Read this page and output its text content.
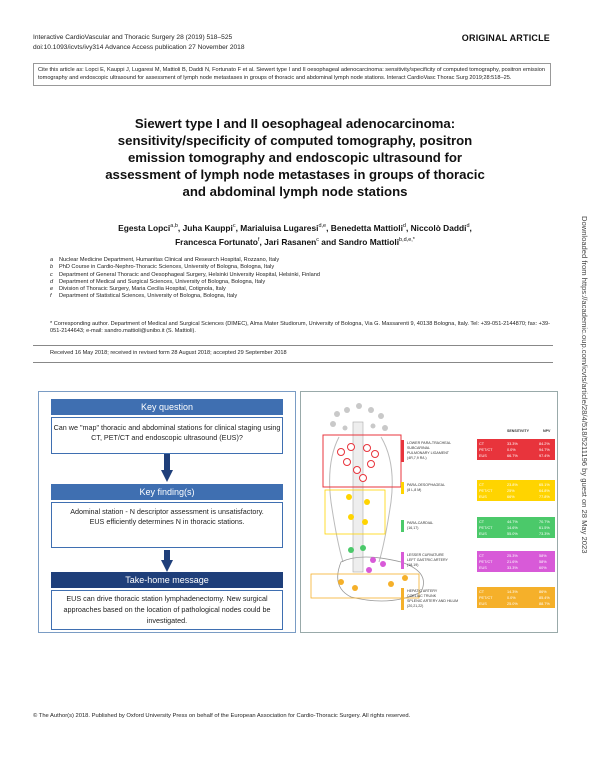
Interactive CardioVascular and Thoracic Surgery 28 (2019) 518–525
doi:10.1093/icvts/ivy314 Advance Access publication 27 November 2018
ORIGINAL ARTICLE
Cite this article as: Lopci E, Kauppi J, Lugaresi M, Mattioli B, Daddi N, Fortunato F et al. Siewert type I and II oesophageal adenocarcinoma: sensitivity/specificity of computed tomography, positron emission tomography and endoscopic ultrasound for assessment of lymph node metastases in groups of thoracic and abdominal lymph node stations. Interact CardioVasc Thorac Surg 2019;28:518–25.
Siewert type I and II oesophageal adenocarcinoma:
sensitivity/specificity of computed tomography, positron
emission tomography and endoscopic ultrasound for
assessment of lymph node metastases in groups of thoracic
and abdominal lymph node stations
Egesta Lopci$^{a,b}$, Juha Kauppi$^c$, Marialuisa Lugaresi$^{d,e}$, Benedetta Mattioli$^d$, Niccolò Daddi$^d$,
Francesca Fortunato$^f$, Jari Rasanen$^c$ and Sandro Mattioli$^{b,d,e,*}$
a Nuclear Medicine Department, Humanitas Clinical and Research Hospital, Rozzano, Italy
b PhD Course in Cardio-Nephro-Thoracic Sciences, University of Bologna, Bologna, Italy
c Department of General Thoracic and Oesophageal Surgery, Helsinki University Hospital, Helsinki, Finland
d Department of Medical and Surgical Sciences, University of Bologna, Bologna, Italy
e Division of Thoracic Surgery, Maria Cecilia Hospital, Cotignola, Italy
f Department of Statistical Sciences, University of Bologna, Bologna, Italy
* Corresponding author. Department of Medical and Surgical Sciences (DIMEC), Alma Mater Studiorum, University of Bologna, Via G. Massarenti 9, 40138 Bologna, Italy. Tel: +39-051-2144870; fax: +39-051-2144643; e-mail: sandro.mattioli@unibo.it (S. Mattioli).
Received 16 May 2018; received in revised form 28 August 2018; accepted 29 September 2018	Downloaded from https://academic.oup.com/icvts/article/28/4/518/5211196 by guest on 28 May 2023
Key question
Can we "map" thoracic and abdominal stations for clinical staging using CT, PET/CT and endoscopic ultrasound (EUS)?
Key finding(s)
Adominal station - N descriptor assessment is unsatisfactory.
EUS efficiently determines N in thoracic stations.
Take-home message
EUS can drive thoracic station lymphadenectomy. New surgical approaches based on the location of pathological nodes could be investigated.
SENSITIVITY	NPV
LOWER PARA-TRACHEAL
SUBCARINAL
PULMONARY LIGAMENT
(4R,7,9 R/L)
CT	33.3%	84.2%
PET/CT	0.0%	94.7%
EUS	66.7%	97.4%
PARA-OESOPHAGEAL
(8 L,8 M)
CT	23.8%	65.1%
PET/CT	25%	64.8%
EUS	66%	77.8%
PARA-CARDIAL
(16,17)
CT	44.7%	70.7%
PET/CT	14.6%	61.5%
EUS	55.0%	73.3%
LESSER CURVATURE
LEFT GASTRIC ARTERY
(18,19)
CT	25.3%	58%
PET/CT	21.6%	58%
EUS	33.3%	60%
HEPATIC ARTERY
COELIAC TRUNK
SPLENIC ARTERY AND HILUM
(20,21,22)
CT	14.3%	86%
PET/CT	0.0%	85.4%
EUS	25.0%	88.7%
© The Author(s) 2018. Published by Oxford University Press on behalf of the European Association for Cardio-Thoracic Surgery. All rights reserved.
